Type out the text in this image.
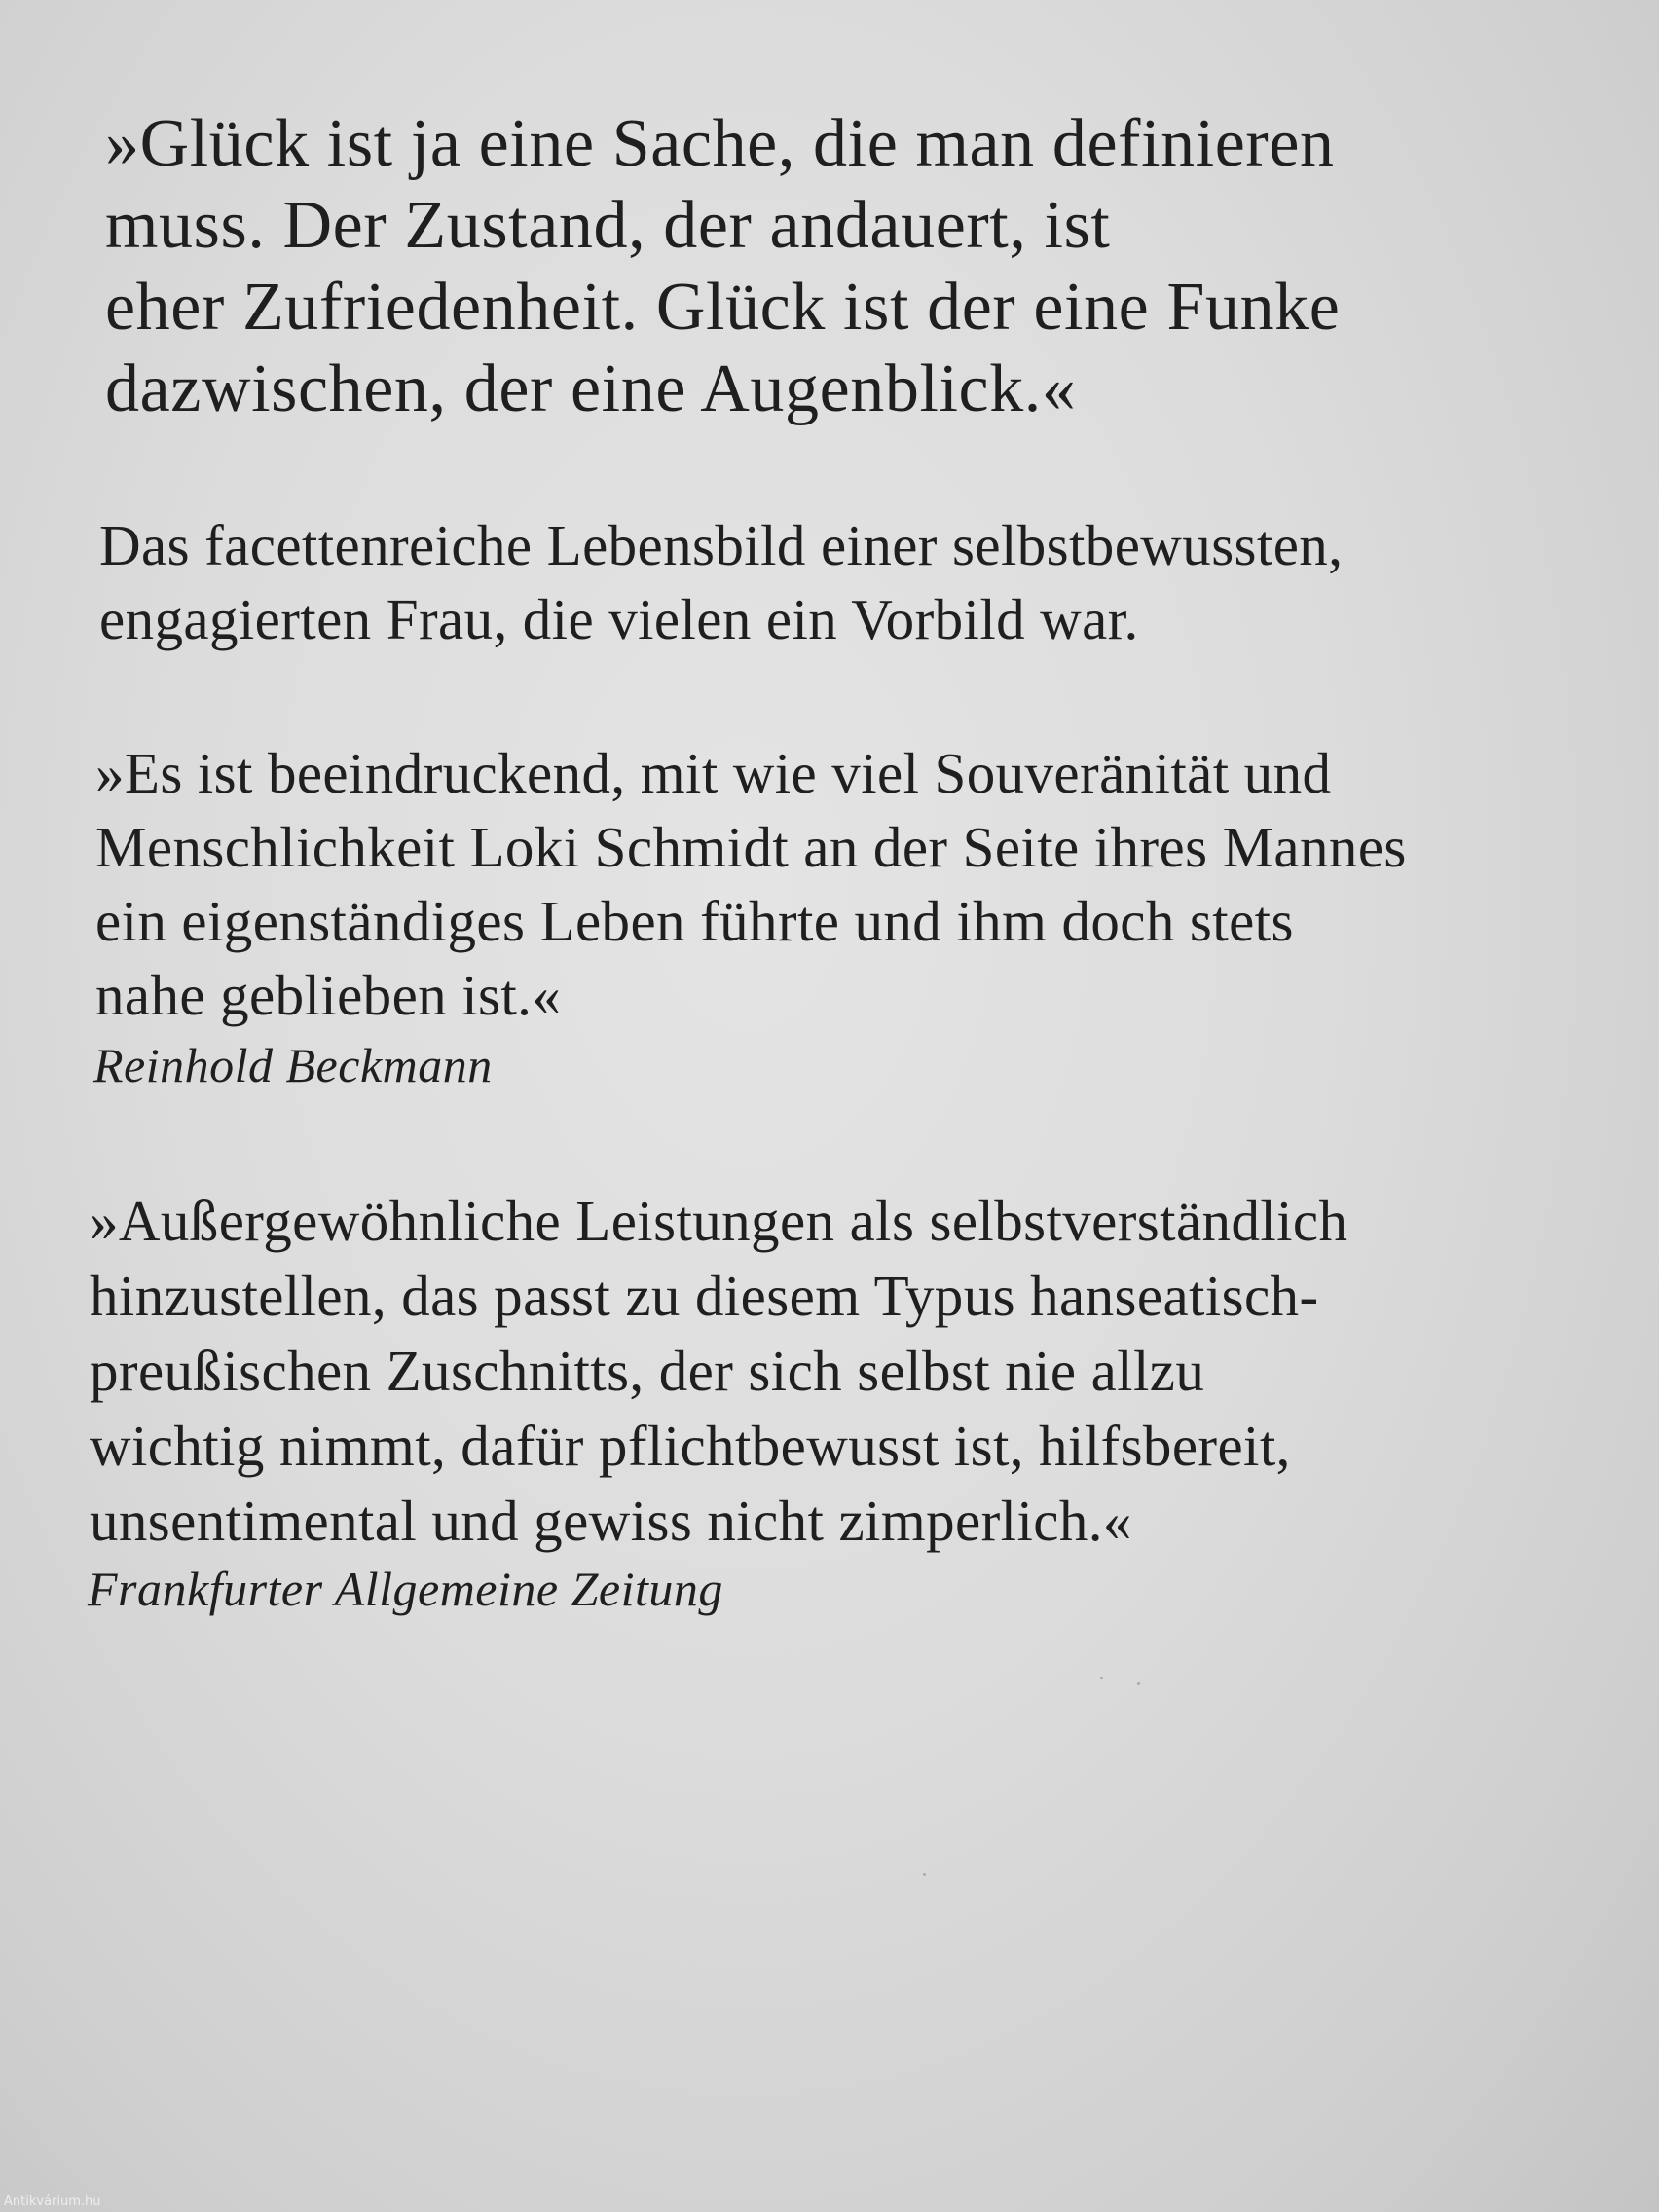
»Glück ist ja eine Sache, die man definieren
muss. Der Zustand, der andauert, ist
eher Zufriedenheit. Glück ist der eine Funke
dazwischen, der eine Augenblick.«

Das facettenreiche Lebensbild einer selbstbewussten,
engagierten Frau, die vielen ein Vorbild war.

»Es ist beeindruckend, mit wie viel Souveränität und
Menschlichkeit Loki Schmidt an der Seite ihres Mannes
ein eigenständiges Leben führte und ihm doch stets
nahe geblieben ist.«

Reinhold Beckmann

»Außergewöhnliche Leistungen als selbstverständlich
hinzustellen, das passt zu diesem Typus hanseatisch-
preußischen Zuschnitts, der sich selbst nie allzu
wichtig nimmt, dafür pflichtbewusst ist, hilfsbereit,
unsentimental und gewiss nicht zimperlich.«

Frankfurter Allgemeine Zeitung

Antikvárium.hu
